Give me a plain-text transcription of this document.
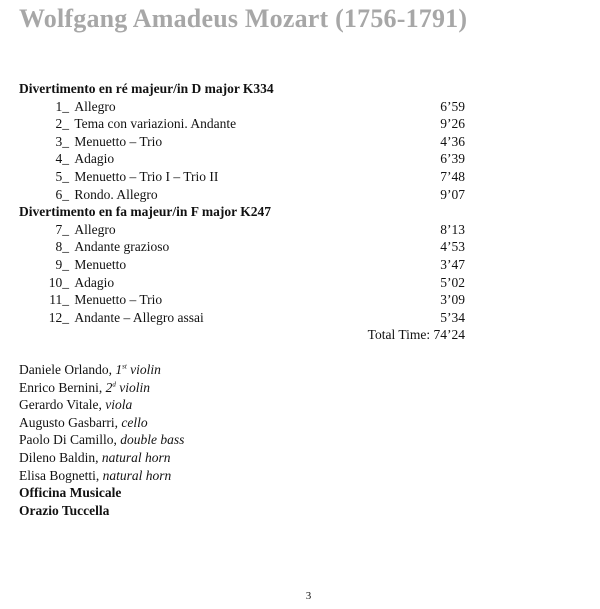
Wolfgang Amadeus Mozart (1756-1791)
Divertimento en ré majeur/in D major K334
1_ Allegro	6’59
2_ Tema con variazioni. Andante	9’26
3_ Menuetto – Trio	4’36
4_ Adagio	6’39
5_ Menuetto – Trio I – Trio II	7’48
6_ Rondo. Allegro	9’07
Divertimento en fa majeur/in F major K247
7_ Allegro	8’13
8_ Andante grazioso	4’53
9_ Menuetto	3’47
10_ Adagio	5’02
11_ Menuetto – Trio	3’09
12_ Andante – Allegro assai	5’34
Total Time: 74’24
Daniele Orlando, 1st violin
Enrico Bernini, 2$^d$ violin
Gerardo Vitale, viola
Augusto Gasbarri, cello
Paolo Di Camillo, double bass
Dileno Baldin, natural horn
Elisa Bognetti, natural horn
Officina Musicale
Orazio Tuccella
3
